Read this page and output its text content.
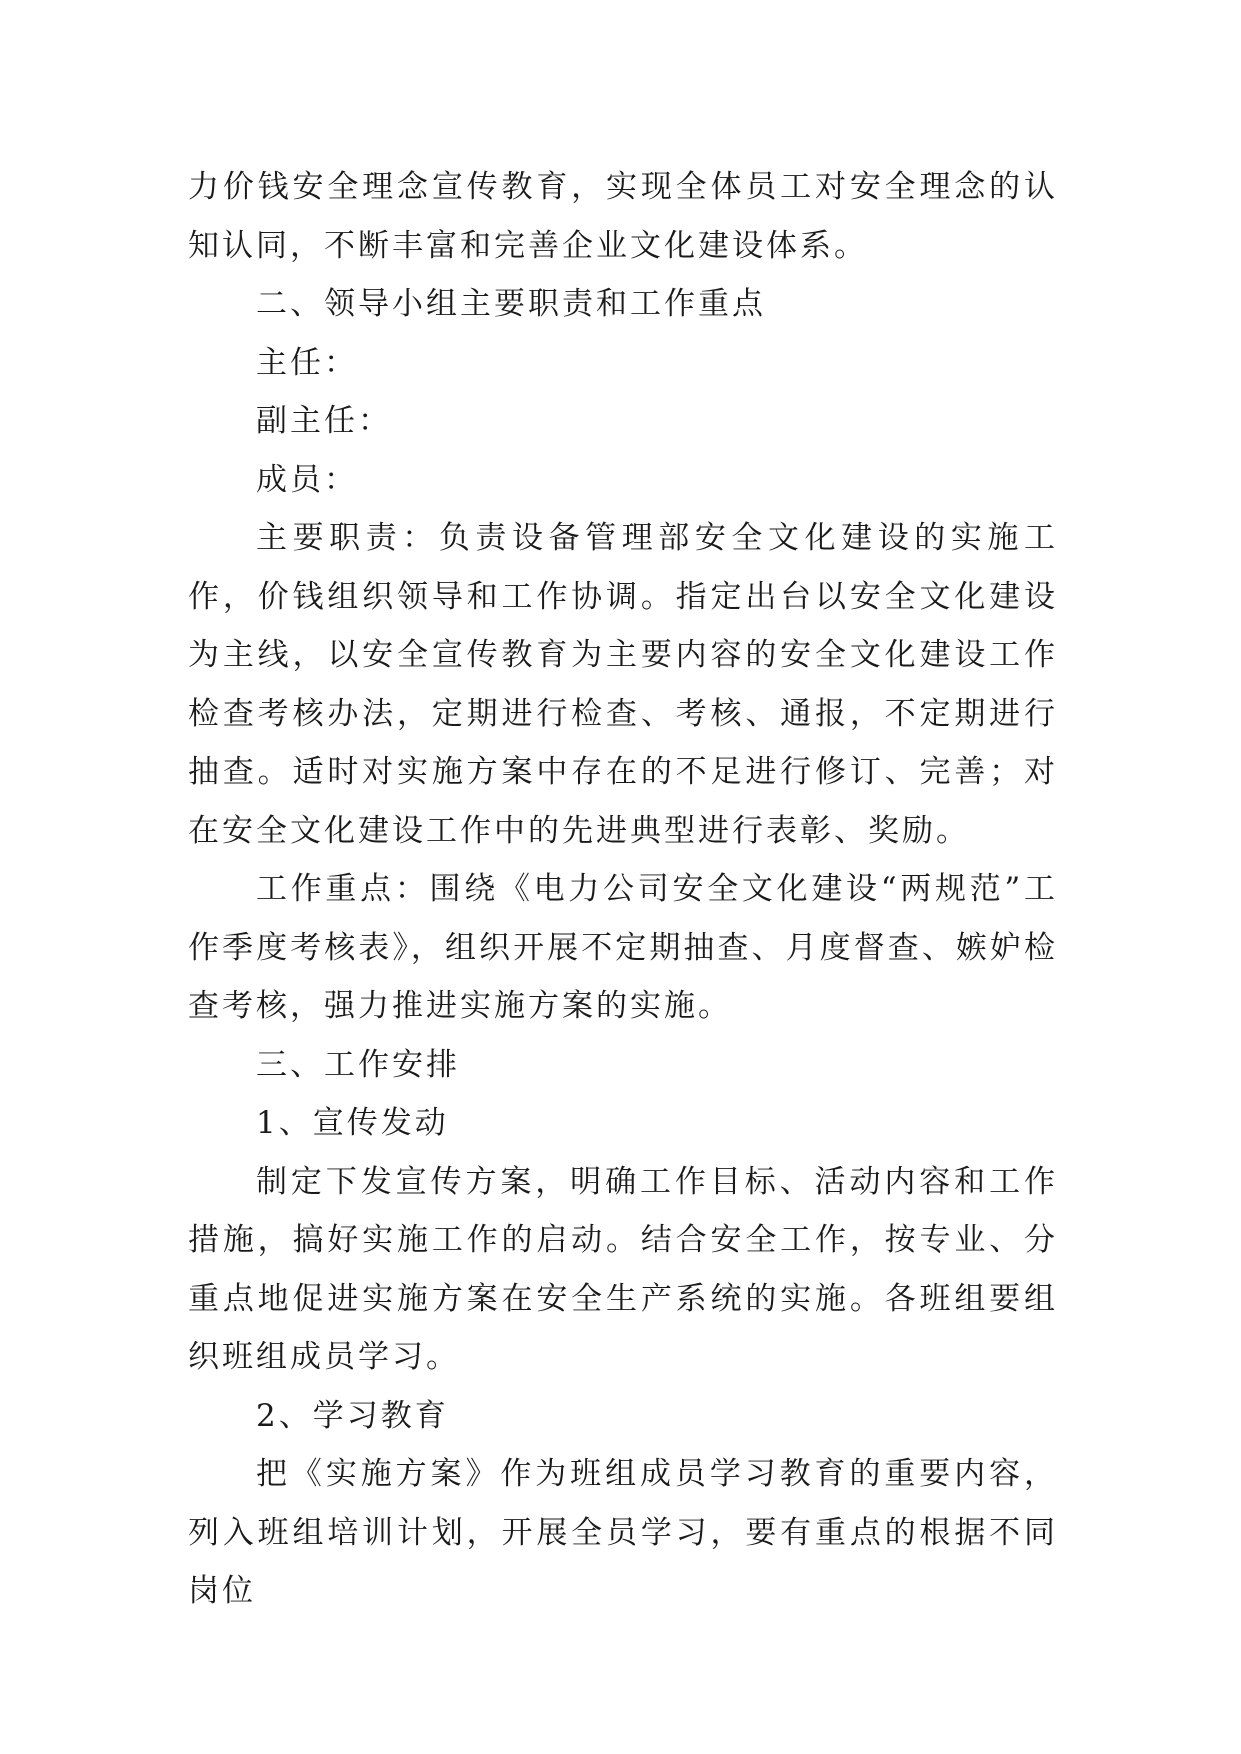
力价钱安全理念宣传教育，实现全体员工对安全理念的认知认同，不断丰富和完善企业文化建设体系。

二、领导小组主要职责和工作重点

主任：

副主任：

成员：

主要职责：负责设备管理部安全文化建设的实施工作，价钱组织领导和工作协调。指定出台以安全文化建设为主线，以安全宣传教育为主要内容的安全文化建设工作检查考核办法，定期进行检查、考核、通报，不定期进行抽查。适时对实施方案中存在的不足进行修订、完善；对在安全文化建设工作中的先进典型进行表彰、奖励。

工作重点：围绕《电力公司安全文化建设“两规范”工作季度考核表》，组织开展不定期抽查、月度督查、嫉妒检查考核，强力推进实施方案的实施。

三、工作安排

1、宣传发动

制定下发宣传方案，明确工作目标、活动内容和工作措施，搞好实施工作的启动。结合安全工作，按专业、分重点地促进实施方案在安全生产系统的实施。各班组要组织班组成员学习。

2、学习教育

把《实施方案》作为班组成员学习教育的重要内容，列入班组培训计划，开展全员学习，要有重点的根据不同岗位
